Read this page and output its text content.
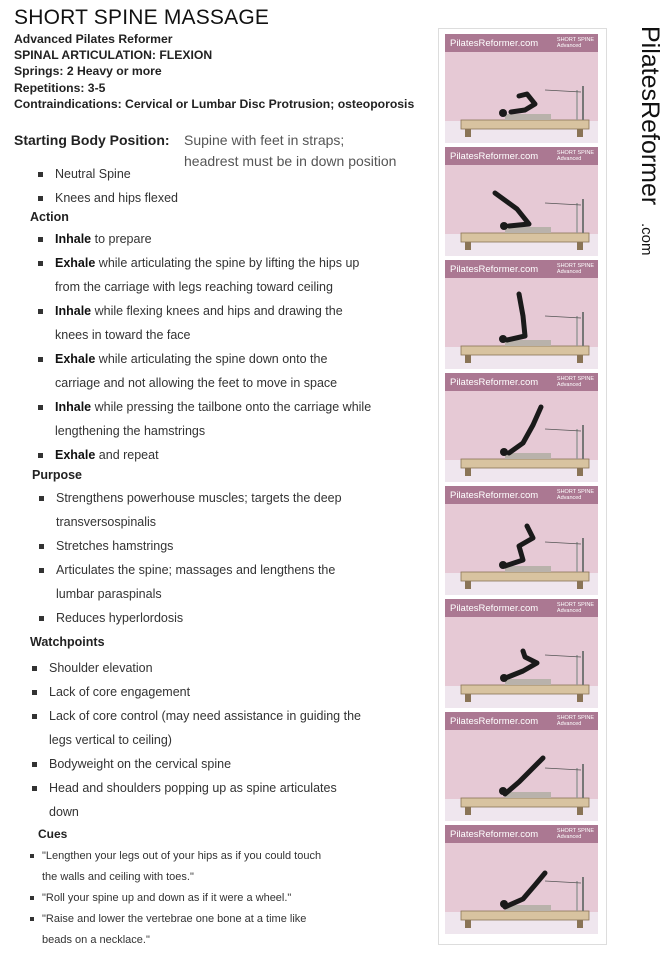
SHORT SPINE MASSAGE
Advanced Pilates Reformer
SPINAL ARTICULATION: FLEXION
Springs: 2 Heavy or more
Repetitions: 3-5
Contraindications: Cervical or Lumbar Disc Protrusion; osteoporosis
Starting Body Position: Supine with feet in straps;
headrest must be in down position
Neutral Spine
Knees and hips flexed
Action
Inhale to prepare
Exhale while articulating the spine by lifting the hips up
from the carriage with legs reaching toward ceiling
Inhale while flexing knees and hips and drawing the
knees in toward the face
Exhale while articulating the spine down onto the
carriage and not allowing the feet to move in space
Inhale while pressing the tailbone onto the carriage while
lengthening the hamstrings
Exhale and repeat
Purpose
Strengthens powerhouse muscles; targets the deep
transversospinalis
Stretches hamstrings
Articulates the spine; massages and lengthens the
lumbar paraspinals
Reduces hyperlordosis
Watchpoints
Shoulder elevation
Lack of core engagement
Lack of core control (may need assistance in guiding the
legs vertical to ceiling)
Bodyweight on the cervical spine
Head and shoulders popping up as spine articulates
down
Cues
"Lengthen your legs out of your hips as if you could touch
the walls and ceiling with toes."
"Roll your spine up and down as if it were a wheel."
"Raise and lower the vertebrae one bone at a time like
beads on a necklace."
PilatesReformer.com	SHORT SPINE
Advanced
PilatesReformer.com	SHORT SPINE
Advanced
PilatesReformer.com	SHORT SPINE
Advanced
PilatesReformer.com	SHORT SPINE
Advanced
PilatesReformer.com	SHORT SPINE
Advanced
PilatesReformer.com	SHORT SPINE
Advanced
PilatesReformer.com	SHORT SPINE
Advanced
PilatesReformer.com	SHORT SPINE
Advanced
PilatesReformer
.com
